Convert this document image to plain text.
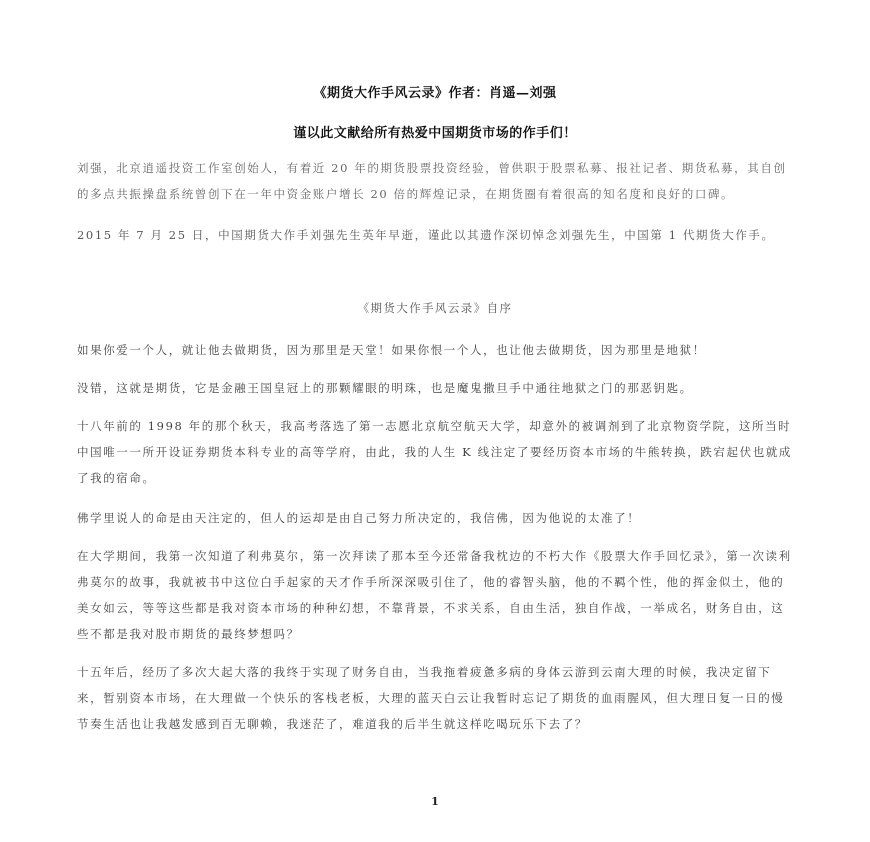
《期货大作手风云录》作者：肖遥—刘强
谨以此文献给所有热爱中国期货市场的作手们！
刘强，北京逍遥投资工作室创始人，有着近 20 年的期货股票投资经验，曾供职于股票私募、报社记者、期货私募，其自创的多点共振操盘系统曾创下在一年中资金账户增长 20 倍的辉煌记录，在期货圈有着很高的知名度和良好的口碑。
2015 年 7 月 25 日，中国期货大作手刘强先生英年早逝，谨此以其遗作深切悼念刘强先生，中国第 1 代期货大作手。
《期货大作手风云录》自序
如果你爱一个人，就让他去做期货，因为那里是天堂！如果你恨一个人，也让他去做期货，因为那里是地狱！
没错，这就是期货，它是金融王国皇冠上的那颗耀眼的明珠，也是魔鬼撒旦手中通往地狱之门的那恶钥匙。
十八年前的 1998 年的那个秋天，我高考落选了第一志愿北京航空航天大学，却意外的被调剂到了北京物资学院，这所当时中国唯一一所开设证券期货本科专业的高等学府，由此，我的人生 K 线注定了要经历资本市场的牛熊转换，跌宕起伏也就成了我的宿命。
佛学里说人的命是由天注定的，但人的运却是由自己努力所决定的，我信佛，因为他说的太准了！
在大学期间，我第一次知道了利弗莫尔，第一次拜读了那本至今还常备我枕边的不朽大作《股票大作手回忆录》，第一次读利弗莫尔的故事，我就被书中这位白手起家的天才作手所深深吸引住了，他的睿智头脑，他的不羁个性，他的挥金似土，他的美女如云，等等这些都是我对资本市场的种种幻想，不靠背景，不求关系，自由生活，独自作战，一举成名，财务自由，这些不都是我对股市期货的最终梦想吗？
十五年后，经历了多次大起大落的我终于实现了财务自由，当我拖着疲惫多病的身体云游到云南大理的时候，我决定留下来，暂别资本市场，在大理做一个快乐的客栈老板，大理的蓝天白云让我暂时忘记了期货的血雨腥风，但大理日复一日的慢节奏生活也让我越发感到百无聊赖，我迷茫了，难道我的后半生就这样吃喝玩乐下去了？
1
